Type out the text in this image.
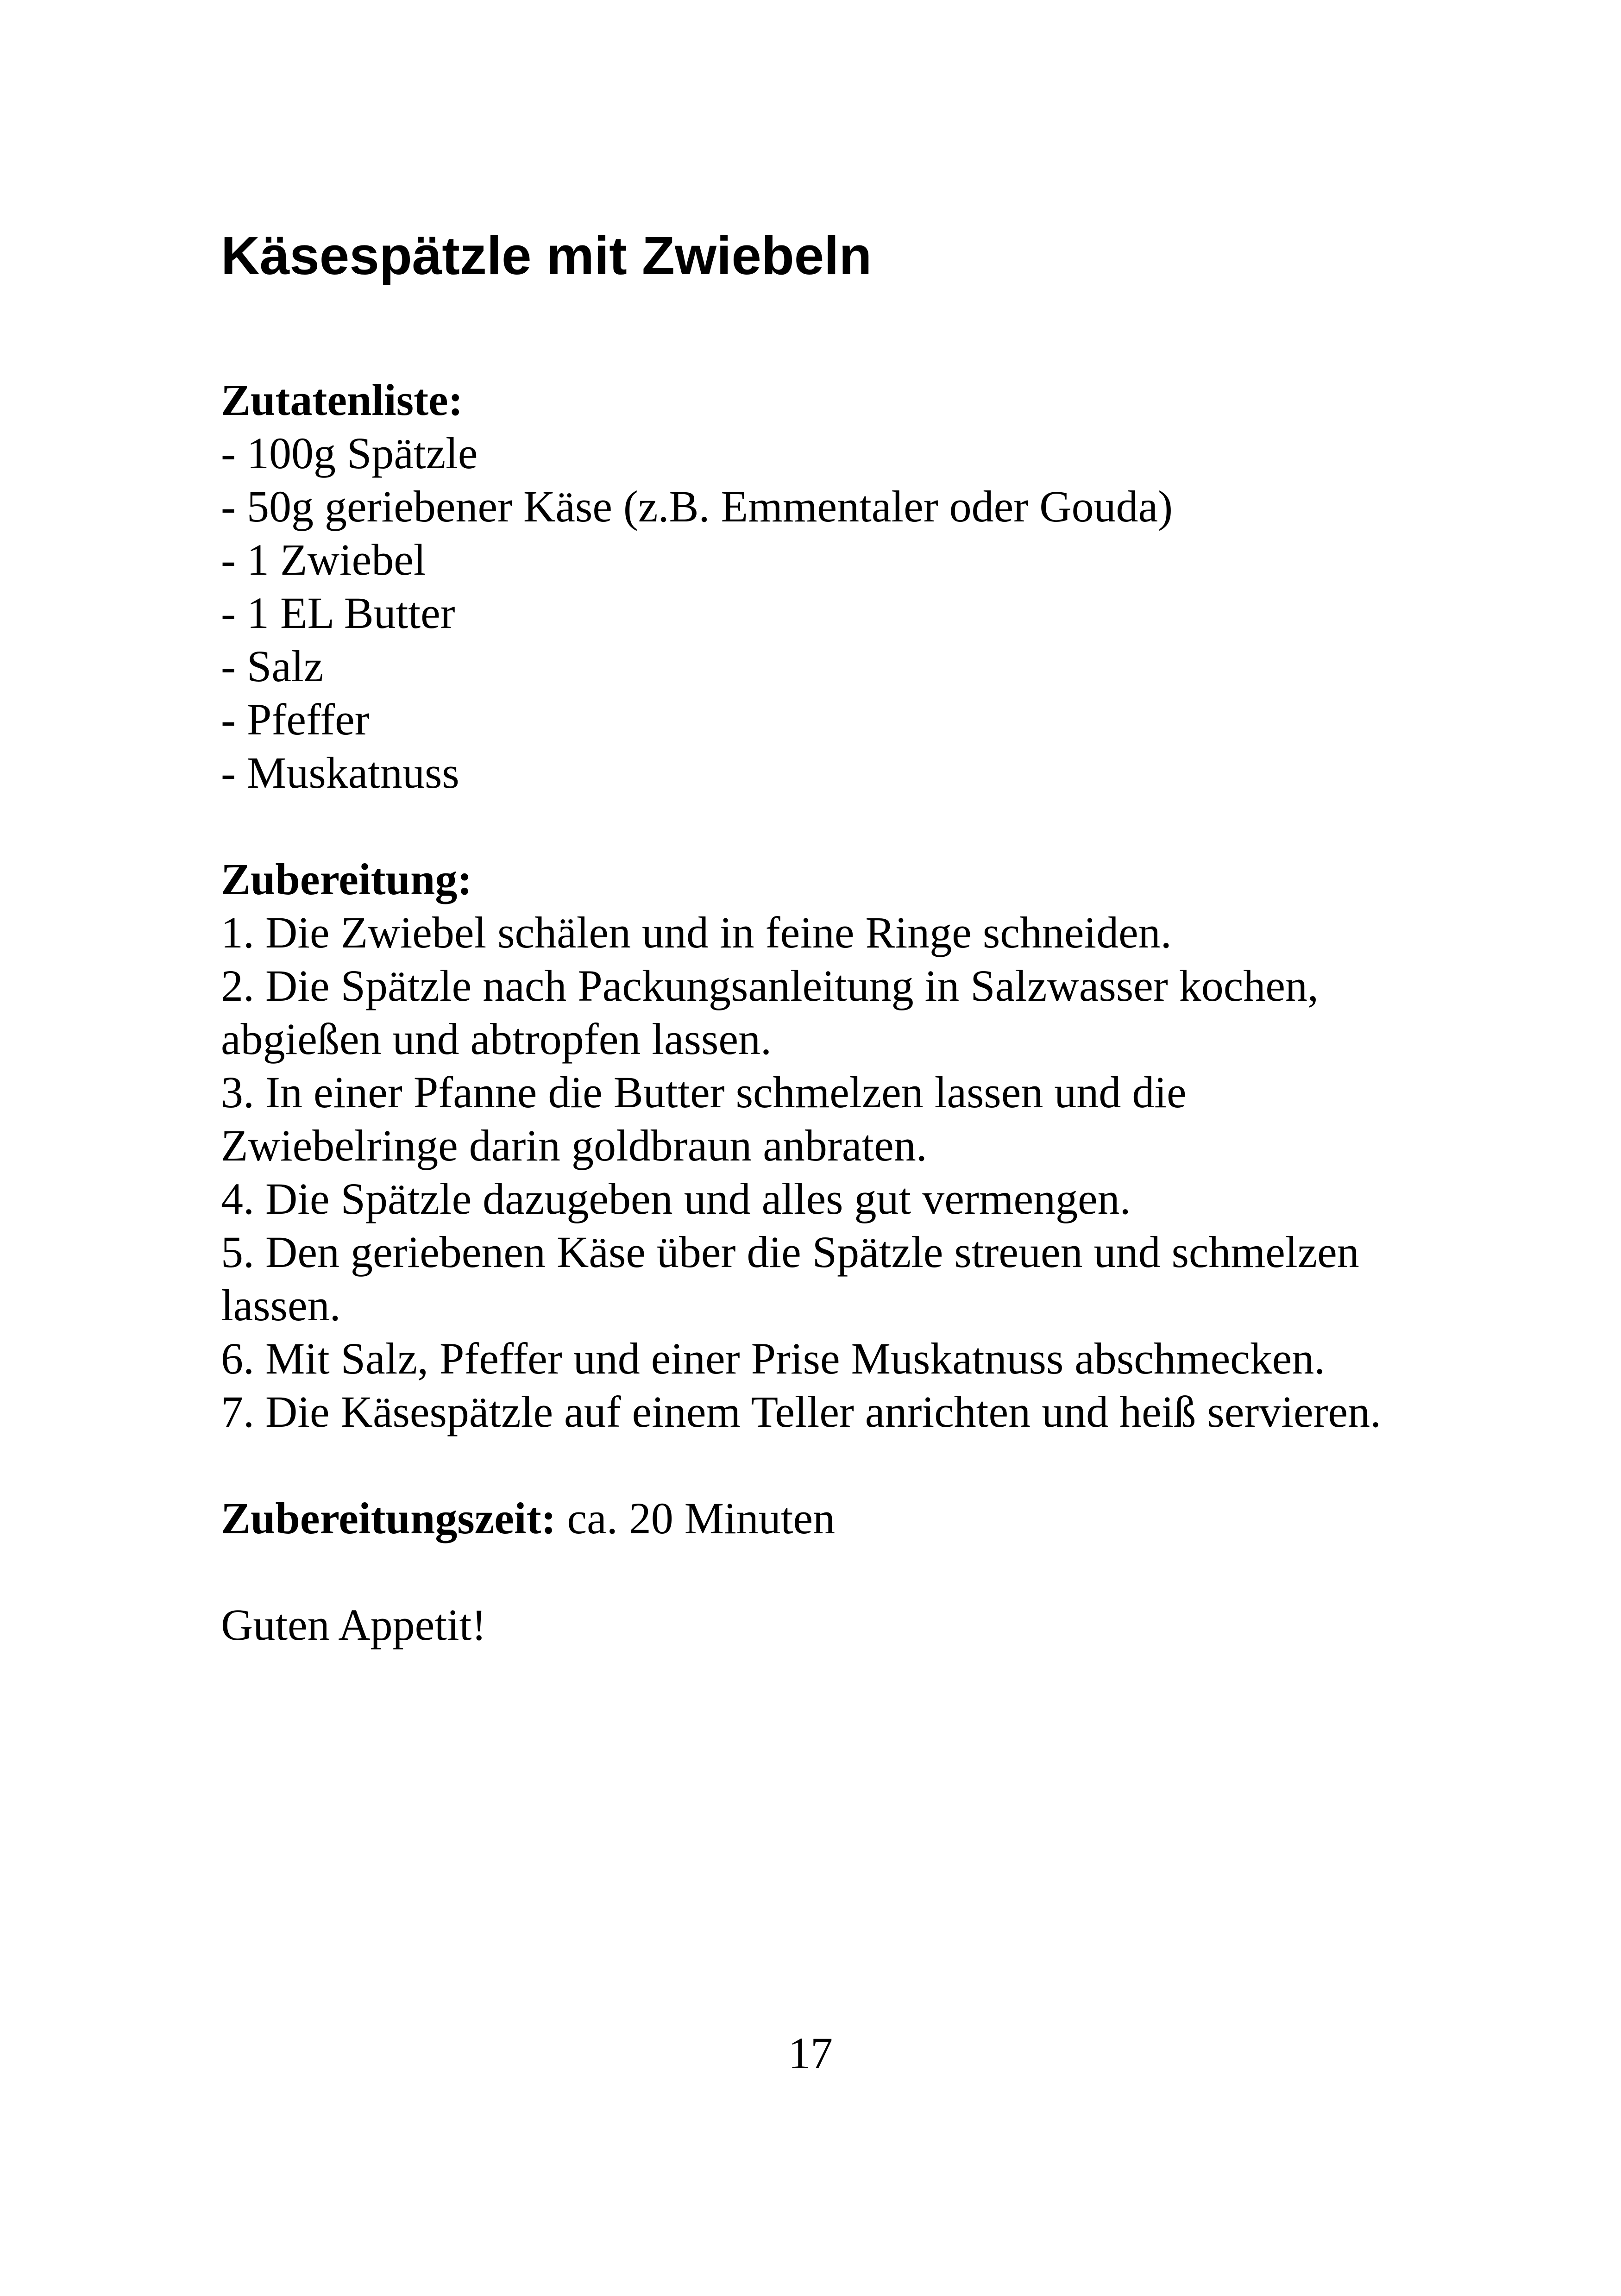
Käsespätzle mit Zwiebeln
Zutatenliste:
- 100g Spätzle
- 50g geriebener Käse (z.B. Emmentaler oder Gouda)
- 1 Zwiebel
- 1 EL Butter
- Salz
- Pfeffer
- Muskatnuss
Zubereitung:
1. Die Zwiebel schälen und in feine Ringe schneiden.
2. Die Spätzle nach Packungsanleitung in Salzwasser kochen, abgießen und abtropfen lassen.
3. In einer Pfanne die Butter schmelzen lassen und die Zwiebelringe darin goldbraun anbraten.
4. Die Spätzle dazugeben und alles gut vermengen.
5. Den geriebenen Käse über die Spätzle streuen und schmelzen lassen.
6. Mit Salz, Pfeffer und einer Prise Muskatnuss abschmecken.
7. Die Käsespätzle auf einem Teller anrichten und heiß servieren.
Zubereitungszeit: ca. 20 Minuten
Guten Appetit!
17
